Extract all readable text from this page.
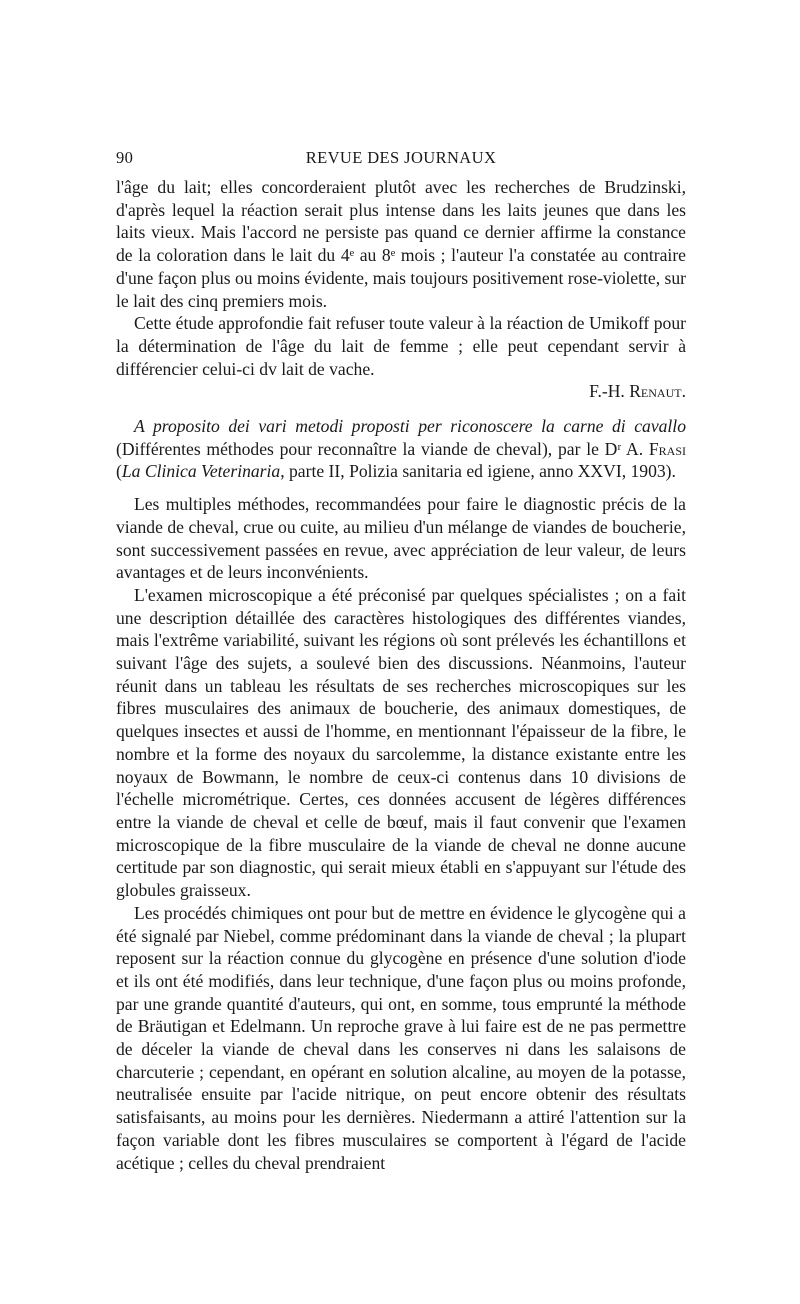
90	REVUE DES JOURNAUX

l'âge du lait; elles concorderaient plutôt avec les recherches de Brudzinski, d'après lequel la réaction serait plus intense dans les laits jeunes que dans les laits vieux. Mais l'accord ne persiste pas quand ce dernier affirme la constance de la coloration dans le lait du 4ᵉ au 8ᵉ mois ; l'auteur l'a constatée au contraire d'une façon plus ou moins évidente, mais toujours positivement rose-violette, sur le lait des cinq premiers mois.

Cette étude approfondie fait refuser toute valeur à la réaction de Umikoff pour la détermination de l'âge du lait de femme ; elle peut cependant servir à différencier celui-ci dv lait de vache.

F.-H. Renaut.

A proposito dei vari metodi proposti per riconoscere la carne di cavallo (Différentes méthodes pour reconnaître la viande de cheval), par le Dʳ A. Frasi (La Clinica Veterinaria, parte II, Polizia sanitaria ed igiene, anno XXVI, 1903).

Les multiples méthodes, recommandées pour faire le diagnostic précis de la viande de cheval, crue ou cuite, au milieu d'un mélange de viandes de boucherie, sont successivement passées en revue, avec appréciation de leur valeur, de leurs avantages et de leurs inconvénients.

L'examen microscopique a été préconisé par quelques spécialistes ; on a fait une description détaillée des caractères histologiques des différentes viandes, mais l'extrême variabilité, suivant les régions où sont prélevés les échantillons et suivant l'âge des sujets, a soulevé bien des discussions. Néanmoins, l'auteur réunit dans un tableau les résultats de ses recherches microscopiques sur les fibres musculaires des animaux de boucherie, des animaux domestiques, de quelques insectes et aussi de l'homme, en mentionnant l'épaisseur de la fibre, le nombre et la forme des noyaux du sarcolemme, la distance existante entre les noyaux de Bowmann, le nombre de ceux-ci contenus dans 10 divisions de l'échelle micrométrique. Certes, ces données accusent de légères différences entre la viande de cheval et celle de bœuf, mais il faut convenir que l'examen microscopique de la fibre musculaire de la viande de cheval ne donne aucune certitude par son diagnostic, qui serait mieux établi en s'appuyant sur l'étude des globules graisseux.

Les procédés chimiques ont pour but de mettre en évidence le glycogène qui a été signalé par Niebel, comme prédominant dans la viande de cheval ; la plupart reposent sur la réaction connue du glycogène en présence d'une solution d'iode et ils ont été modifiés, dans leur technique, d'une façon plus ou moins profonde, par une grande quantité d'auteurs, qui ont, en somme, tous emprunté la méthode de Bräutigan et Edelmann. Un reproche grave à lui faire est de ne pas permettre de déceler la viande de cheval dans les conserves ni dans les salaisons de charcuterie ; cependant, en opérant en solution alcaline, au moyen de la potasse, neutralisée ensuite par l'acide nitrique, on peut encore obtenir des résultats satisfaisants, au moins pour les dernières. Niedermann a attiré l'attention sur la façon variable dont les fibres musculaires se comportent à l'égard de l'acide acétique ; celles du cheval prendraient
